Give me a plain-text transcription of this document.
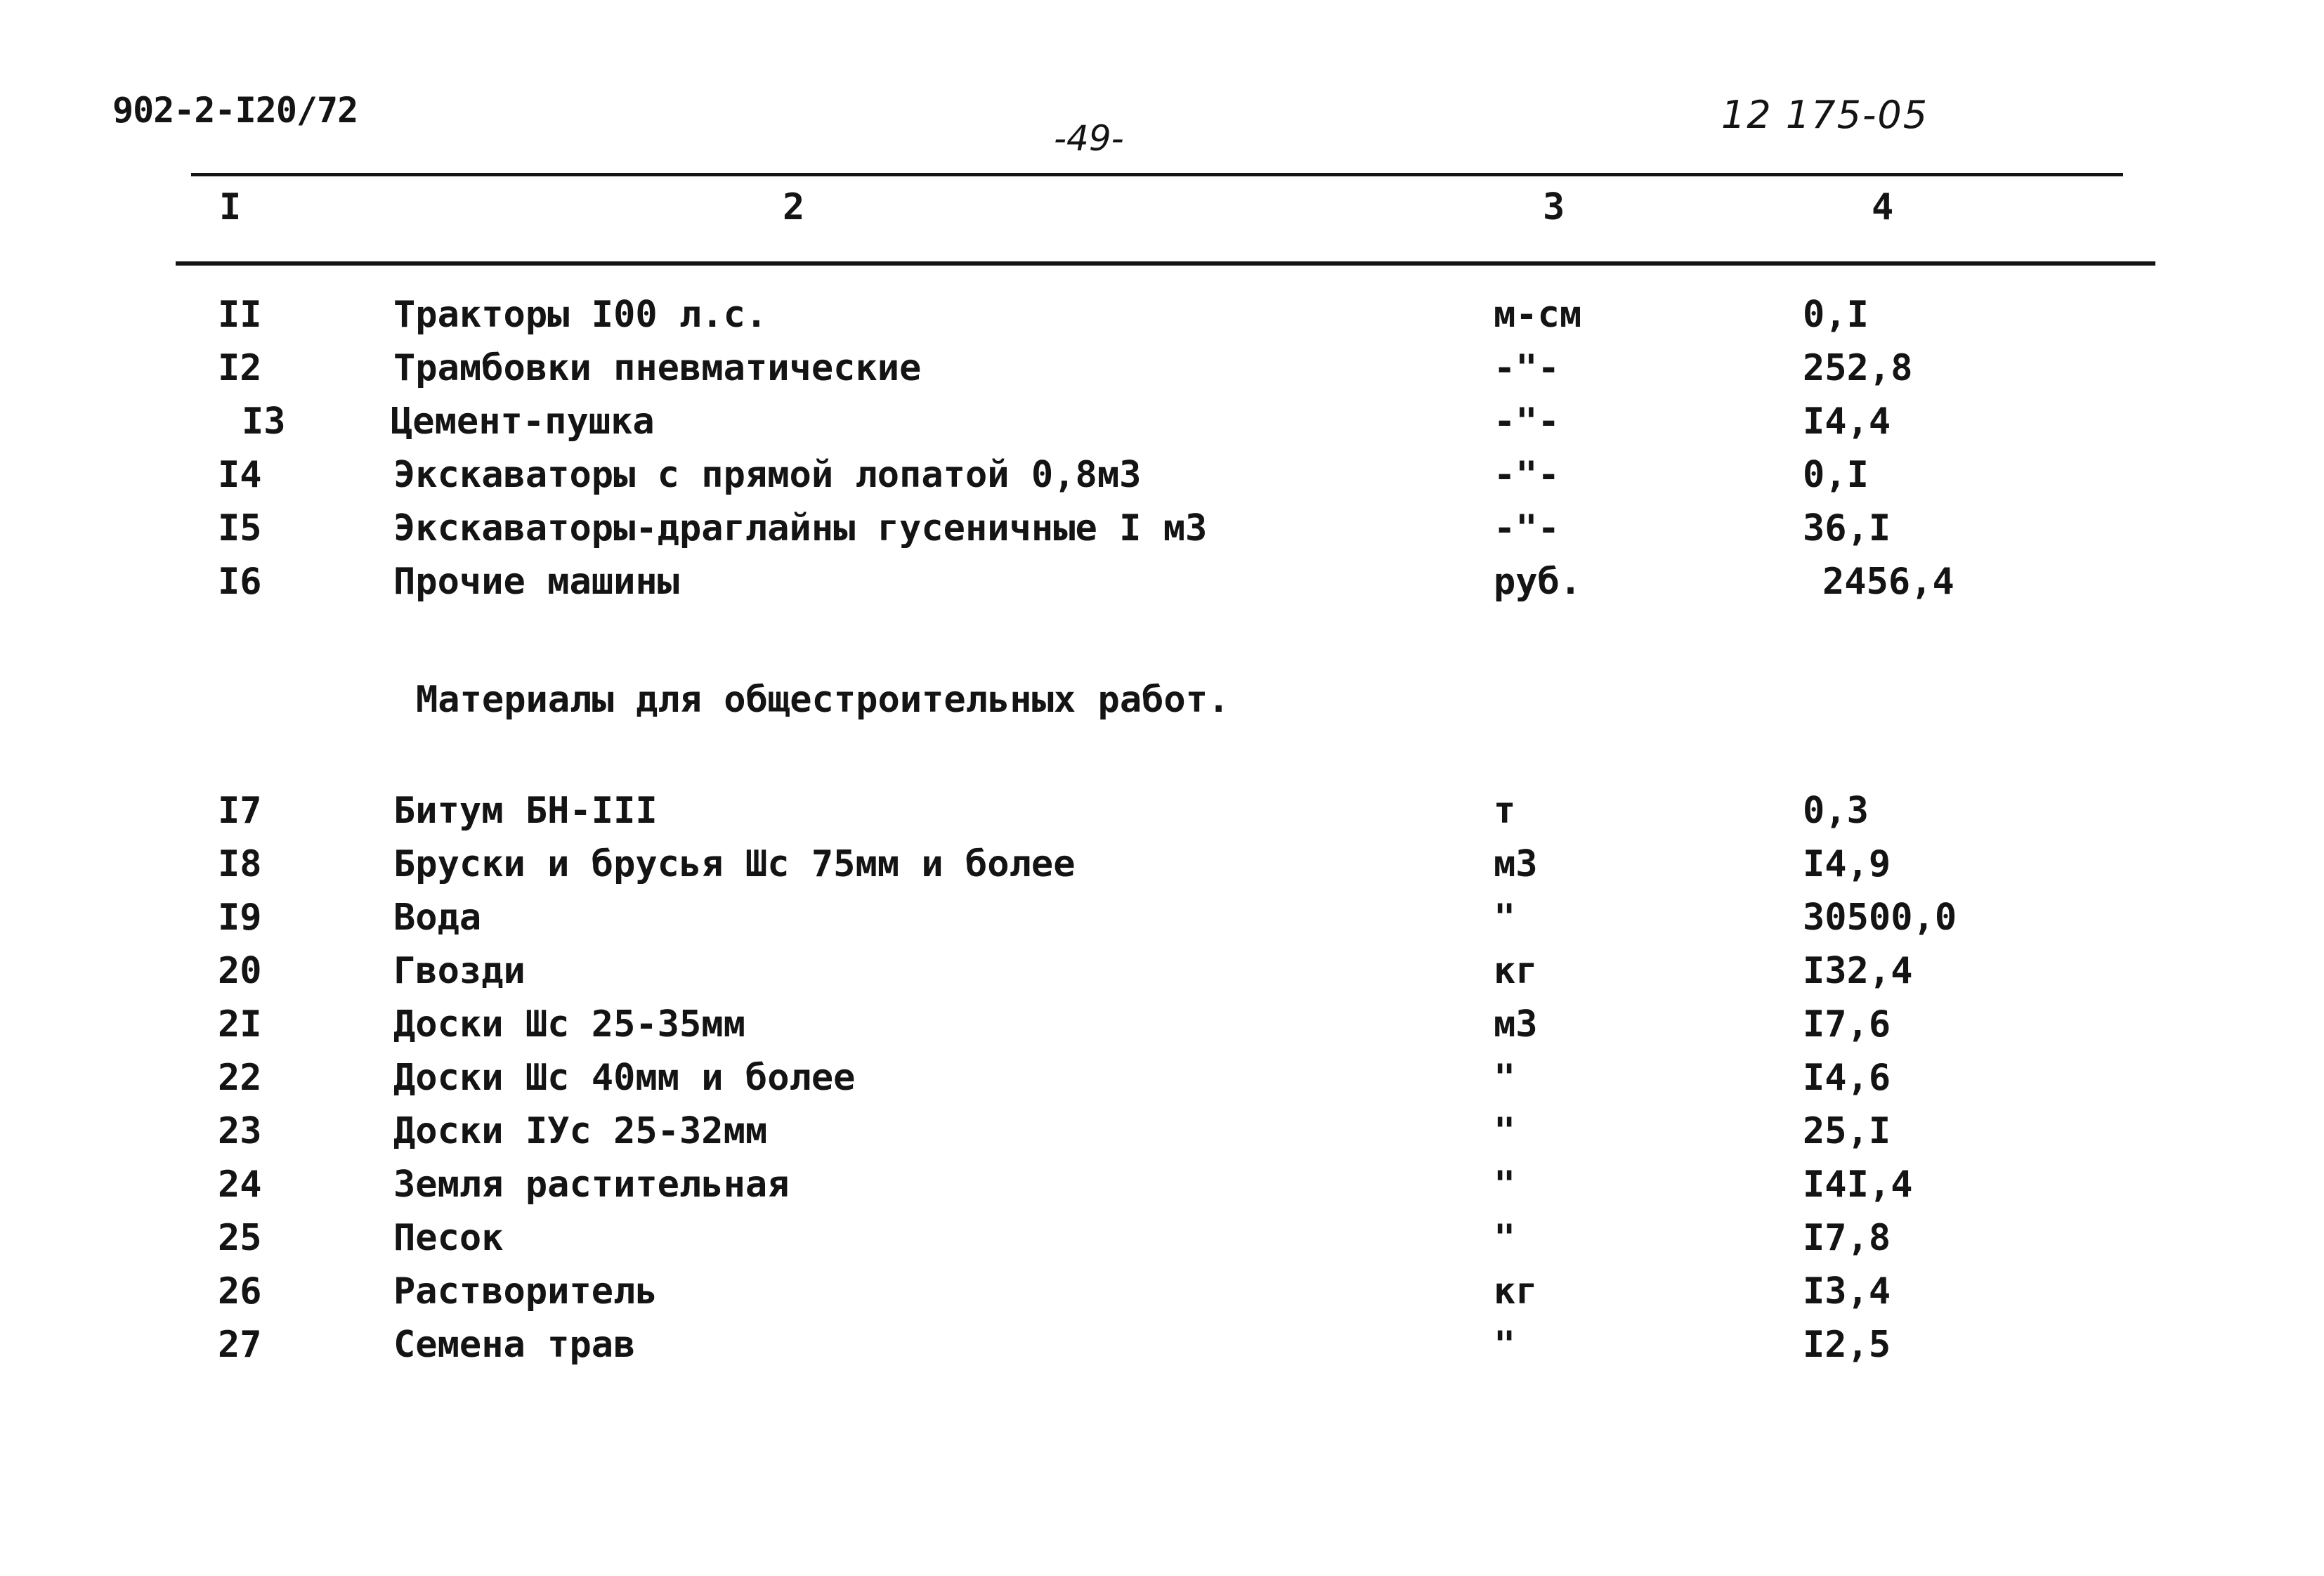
902-2-I20/72
-49-
12 175-05
I	2	3	4
II	Тракторы I00 л.с.	м-см	0,I
I2	Трамбовки пневматические	-"-	252,8
I3	Цемент-пушка	-"-	I4,4
I4	Экскаваторы с прямой лопатой 0,8м3	-"-	0,I
I5	Экскаваторы-драглайны гусеничные I м3	-"-	36,I
I6	Прочие машины	руб.	2456,4
Материалы для общестроительных работ.
I7	Битум БН-III	т	0,3
I8	Бруски и брусья Шс 75мм и более	м3	I4,9
I9	Вода	"	30500,0
20	Гвозди	кг	I32,4
2I	Доски Шс 25-35мм	м3	I7,6
22	Доски Шс 40мм и более	"	I4,6
23	Доски IУс 25-32мм	"	25,I
24	Земля растительная	"	I4I,4
25	Песок	"	I7,8
26	Растворитель	кг	I3,4
27	Семена трав	"	I2,5
